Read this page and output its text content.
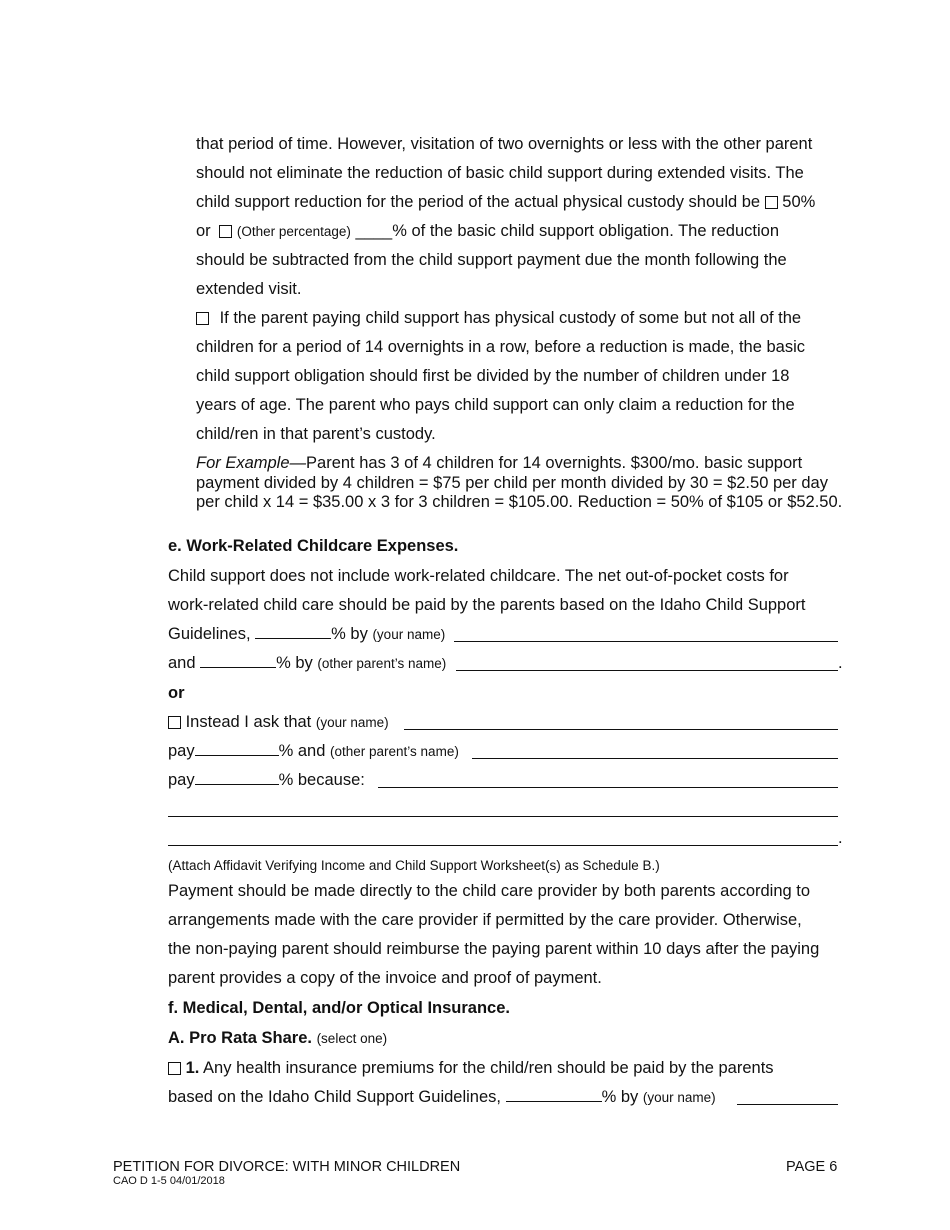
that period of time. However, visitation of two overnights or less with the other parent
should not eliminate the reduction of basic child support during extended visits. The
child support reduction for the period of the actual physical custody should be 50%
or (Other percentage) ____% of the basic child support obligation. The reduction
should be subtracted from the child support payment due the month following the
extended visit.
If the parent paying child support has physical custody of some but not all of the
children for a period of 14 overnights in a row, before a reduction is made, the basic
child support obligation should first be divided by the number of children under 18
years of age. The parent who pays child support can only claim a reduction for the
child/ren in that parent’s custody.
For Example—Parent has 3 of 4 children for 14 overnights. $300/mo. basic support payment divided by 4 children = $75 per child per month divided by 30 = $2.50 per day per child x 14 = $35.00 x 3 for 3 children = $105.00. Reduction = 50% of $105 or $52.50.
e. Work-Related Childcare Expenses.
Child support does not include work-related childcare. The net out-of-pocket costs for
work-related child care should be paid by the parents based on the Idaho Child Support
Guidelines,	% by (your name)
and	% by (other parent’s name)	.
or
Instead I ask that (your name)
pay	% and (other parent’s name)
pay	% because:
.
(Attach Affidavit Verifying Income and Child Support Worksheet(s) as Schedule B.)
Payment should be made directly to the child care provider by both parents according to
arrangements made with the care provider if permitted by the care provider. Otherwise,
the non-paying parent should reimburse the paying parent within 10 days after the paying
parent provides a copy of the invoice and proof of payment.
f. Medical, Dental, and/or Optical Insurance.
A. Pro Rata Share. (select one)
1. Any health insurance premiums for the child/ren should be paid by the parents
based on the Idaho Child Support Guidelines,	% by (your name)
PETITION FOR DIVORCE: WITH MINOR CHILDREN
CAO D 1-5 04/01/2018
PAGE 6
